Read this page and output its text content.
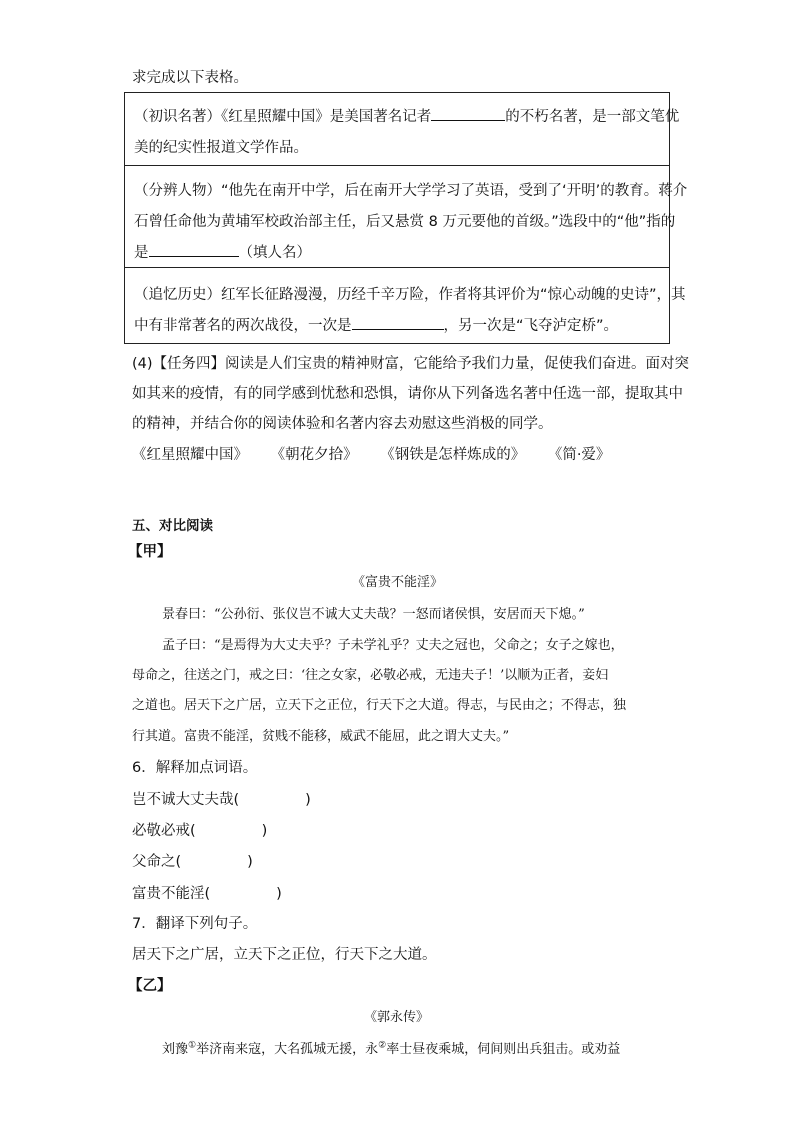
求完成以下表格。
（初识名著）《红星照耀中国》是美国著名记者	的不朽名著，是一部文笔优
美的纪实性报道文学作品。
（分辨人物）“他先在南开中学，后在南开大学学习了英语，受到了‘开明’的教育。蒋介
石曾任命他为黄埔军校政治部主任，后又悬赏 8 万元要他的首级。”选段中的“他”指的
是	（填人名）
（追忆历史）红军长征路漫漫，历经千辛万险，作者将其评价为“惊心动魄的史诗”，其
中有非常著名的两次战役，一次是	，另一次是“飞夺泸定桥”。
(4)【任务四】阅读是人们宝贵的精神财富，它能给予我们力量，促使我们奋进。面对突
如其来的疫情，有的同学感到忧愁和恐惧，请你从下列备选名著中任选一部，提取其中
的精神，并结合你的阅读体验和名著内容去劝慰这些消极的同学。
《红星照耀中国》 《朝花夕拾》 《钢铁是怎样炼成的》 《简·爱》
五、对比阅读
【甲】
《富贵不能淫》
景春曰：“公孙衍、张仪岂不诚大丈夫哉？一怒而诸侯惧，安居而天下熄。”
孟子曰：“是焉得为大丈夫乎？子未学礼乎？丈夫之冠也，父命之；女子之嫁也，
母命之，往送之门，戒之曰：‘往之女家，必敬必戒，无违夫子！’以顺为正者，妾妇
之道也。居天下之广居，立天下之正位，行天下之大道。得志，与民由之；不得志，独
行其道。富贵不能淫，贫贱不能移，威武不能屈，此之谓大丈夫。”
6．解释加点词语。
岂不诚大丈夫哉(	)
必敬必戒(	)
父命之(	)
富贵不能淫(	)
7．翻译下列句子。
居天下之广居，立天下之正位，行天下之大道。
【乙】
《郭永传》
刘豫①举济南来寇，大名孤城无援，永②率士昼夜乘城，伺间则出兵狙击。或劝益
